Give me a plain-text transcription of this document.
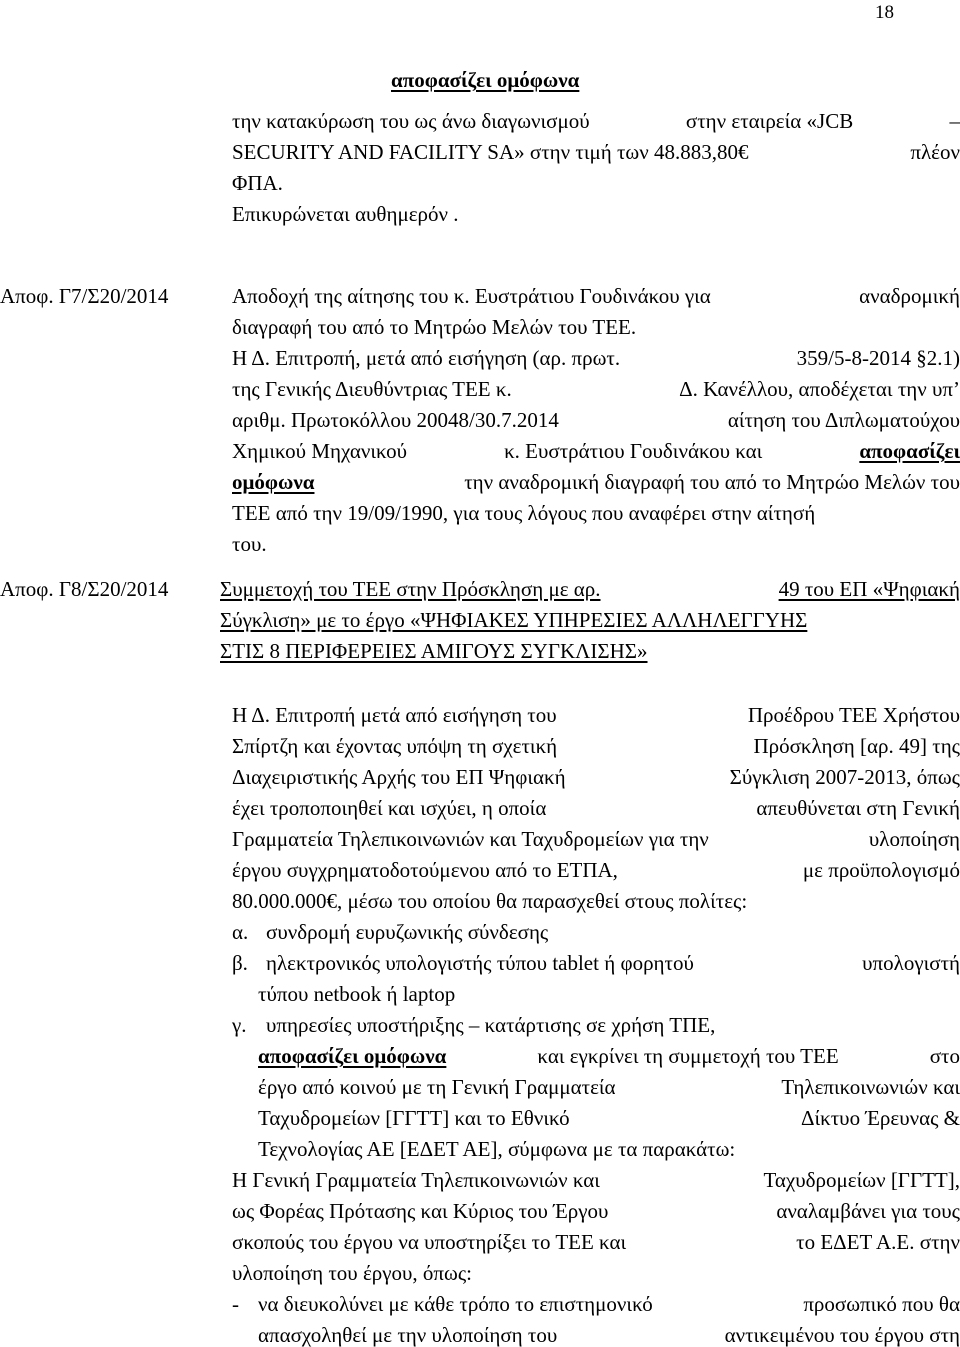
18
αποφασίζει ομόφωνα
την κατακύρωση του ως άνω διαγωνισμού	στην εταιρεία «JCB	–
SECURITY AND FACILITY SA» στην τιμή των 48.883,80€	πλέον
ΦΠΑ.
Επικυρώνεται αυθημερόν .
Αποφ. Γ7/Σ20/2014	Αποδοχή της αίτησης του κ. Ευστράτιου Γουδινάκου για	αναδρομική
διαγραφή του από το Μητρώο Μελών του ΤΕΕ.
Η Δ. Επιτροπή, μετά από εισήγηση (αρ. πρωτ.	359/5-8-2014 §2.1)
της Γενικής Διευθύντριας ΤΕΕ κ.	Δ. Κανέλλου, αποδέχεται την υπ’
αριθμ. Πρωτοκόλλου 20048/30.7.2014	αίτηση του Διπλωματούχου
Χημικού Μηχανικού	κ. Ευστράτιου Γουδινάκου και	αποφασίζει
ομόφωνα	την αναδρομική διαγραφή του από το Μητρώο Μελών του
ΤΕΕ από την 19/09/1990, για τους λόγους που αναφέρει στην αίτησή
του.
Αποφ. Γ8/Σ20/2014 Συμμετοχή του ΤΕΕ στην Πρόσκληση με αρ.	49 του ΕΠ «Ψηφιακή
Σύγκλιση» με το έργο «ΨΗΦΙΑΚΕΣ ΥΠΗΡΕΣΙΕΣ ΑΛΛΗΛΕΓΓΥΗΣ
ΣΤΙΣ 8 ΠΕΡΙΦΕΡΕΙΕΣ ΑΜΙΓΟΥΣ ΣΥΓΚΛΙΣΗΣ»
Η Δ. Επιτροπή μετά από εισήγηση του	Προέδρου ΤΕΕ Χρήστου
Σπίρτζη και έχοντας υπόψη τη σχετική	Πρόσκληση [αρ. 49] της
Διαχειριστικής Αρχής του ΕΠ Ψηφιακή	Σύγκλιση 2007-2013, όπως
έχει τροποποιηθεί και ισχύει, η οποία	απευθύνεται στη Γενική
Γραμματεία Τηλεπικοινωνιών και Ταχυδρομείων για την	υλοποίηση
έργου συγχρηματοδοτούμενου από το ΕΤΠΑ,	με προϋπολογισμό
80.000.000€, μέσω του οποίου θα παρασχεθεί στους πολίτες:
α. συνδρομή ευρυζωνικής σύνδεσης
β. ηλεκτρονικός υπολογιστής τύπου tablet ή φορητού	υπολογιστή
τύπου netbook ή laptop
γ. υπηρεσίες υποστήριξης – κατάρτισης σε χρήση ΤΠΕ,
αποφασίζει ομόφωνα	και εγκρίνει τη συμμετοχή του ΤΕΕ	στο
έργο από κοινού με τη Γενική Γραμματεία	Τηλεπικοινωνιών και
Ταχυδρομείων [ΓΓΤΤ] και το Εθνικό	Δίκτυο Έρευνας &
Τεχνολογίας ΑΕ [ΕΔΕΤ ΑΕ], σύμφωνα με τα παρακάτω:
Η Γενική Γραμματεία Τηλεπικοινωνιών και	Ταχυδρομείων [ΓΓΤΤ],
ως Φορέας Πρότασης και Κύριος του Έργου	αναλαμβάνει για τους
σκοπούς του έργου να υποστηρίξει το ΤΕΕ και	το ΕΔΕΤ Α.Ε. στην
υλοποίηση του έργου, όπως:
- να διευκολύνει με κάθε τρόπο το επιστημονικό	προσωπικό που θα
απασχοληθεί με την υλοποίηση του	αντικειμένου του έργου στη
